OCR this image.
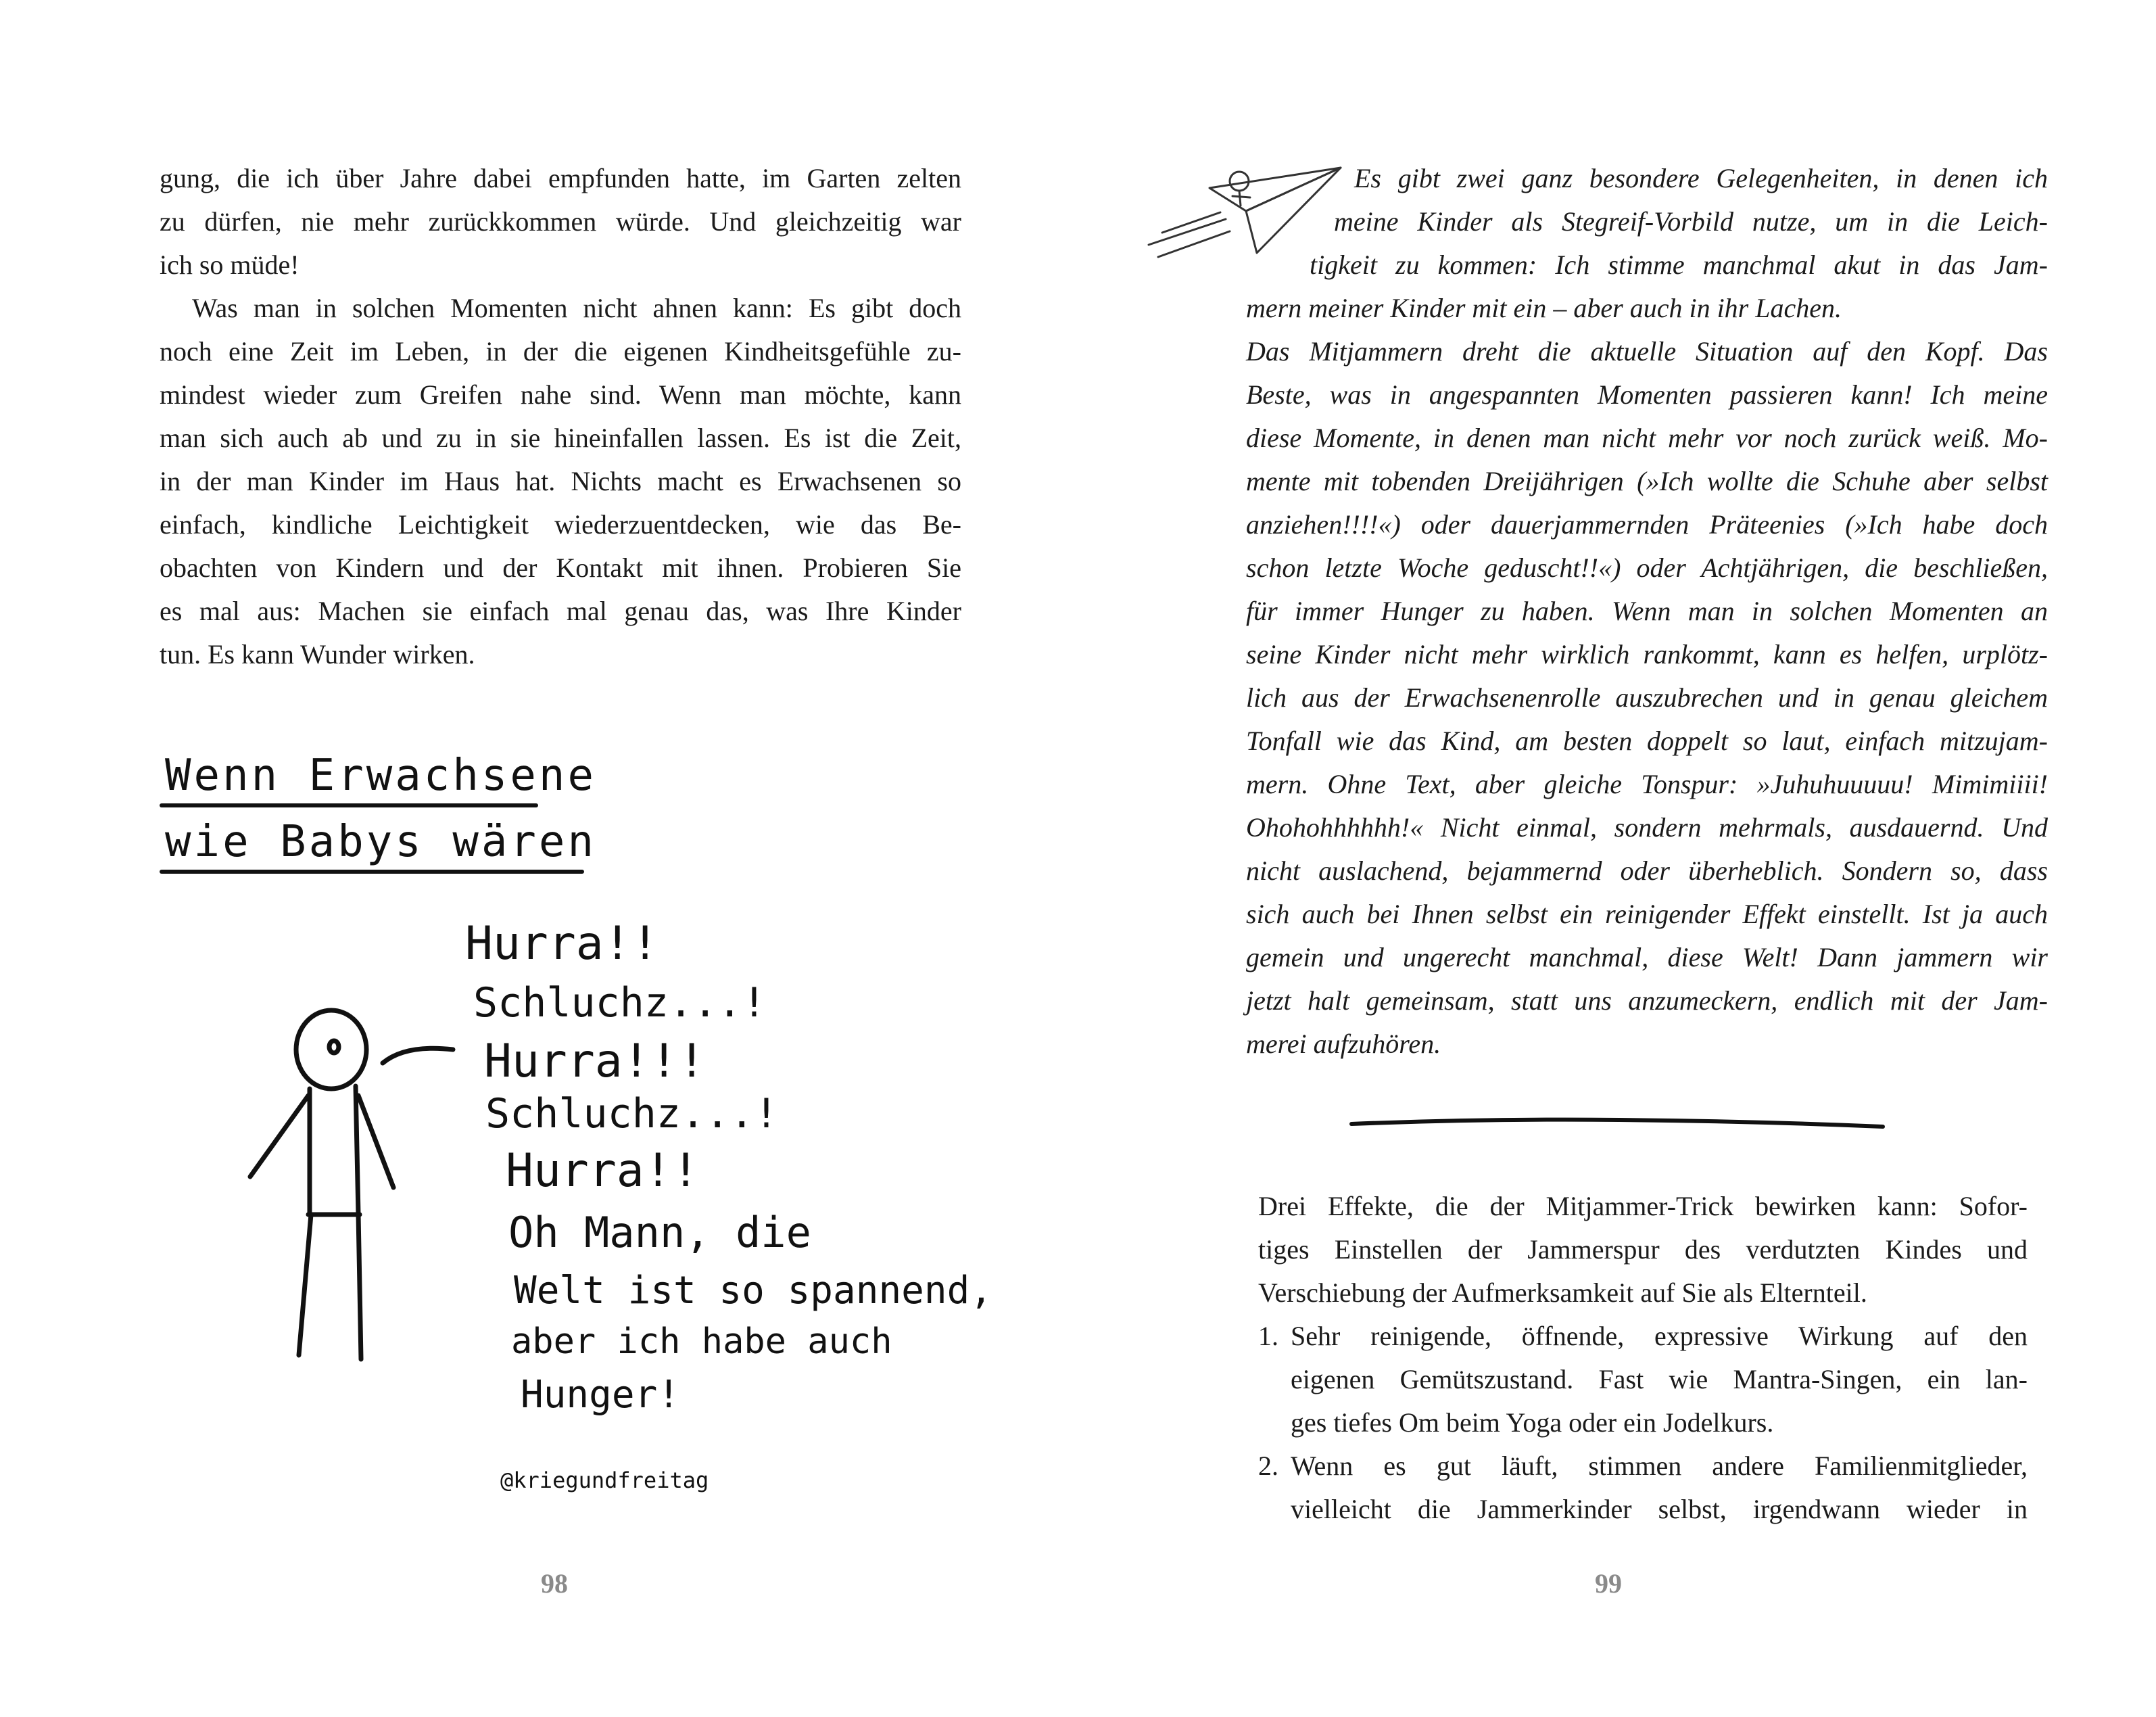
gung, die ich über Jahre dabei empfunden hatte, im Garten zelten
zu dürfen, nie mehr zurückkommen würde. Und gleichzeitig war
ich so müde!
Was man in solchen Momenten nicht ahnen kann: Es gibt doch
noch eine Zeit im Leben, in der die eigenen Kindheitsgefühle zu-
mindest wieder zum Greifen nahe sind. Wenn man möchte, kann
man sich auch ab und zu in sie hineinfallen lassen. Es ist die Zeit,
in der man Kinder im Haus hat. Nichts macht es Erwachsenen so
einfach, kindliche Leichtigkeit wiederzuentdecken, wie das Be-
obachten von Kindern und der Kontakt mit ihnen. Probieren Sie
es mal aus: Machen sie einfach mal genau das, was Ihre Kinder
tun. Es kann Wunder wirken.
Wenn Erwachsene
wie Babys wären
Hurra!!
Schluchz...!
Hurra!!!
Schluchz...!
Hurra!!
Oh Mann, die
Welt ist so spannend,
aber ich habe auch
Hunger!
@kriegundfreitag
98
Es gibt zwei ganz besondere Gelegenheiten, in denen ich
meine Kinder als Stegreif-Vorbild nutze, um in die Leich-
tigkeit zu kommen: Ich stimme manchmal akut in das Jam-
mern meiner Kinder mit ein – aber auch in ihr Lachen.
Das Mitjammern dreht die aktuelle Situation auf den Kopf. Das
Beste, was in angespannten Momenten passieren kann! Ich meine
diese Momente, in denen man nicht mehr vor noch zurück weiß. Mo-
mente mit tobenden Dreijährigen (»Ich wollte die Schuhe aber selbst
anziehen!!!!«) oder dauerjammernden Präteenies (»Ich habe doch
schon letzte Woche geduscht!!«) oder Achtjährigen, die beschließen,
für immer Hunger zu haben. Wenn man in solchen Momenten an
seine Kinder nicht mehr wirklich rankommt, kann es helfen, urplötz-
lich aus der Erwachsenenrolle auszubrechen und in genau gleichem
Tonfall wie das Kind, am besten doppelt so laut, einfach mitzujam-
mern. Ohne Text, aber gleiche Tonspur: »Juhuhuuuuu! Mimimiiii!
Ohohohhhhhh!« Nicht einmal, sondern mehrmals, ausdauernd. Und
nicht auslachend, bejammernd oder überheblich. Sondern so, dass
sich auch bei Ihnen selbst ein reinigender Effekt einstellt. Ist ja auch
gemein und ungerecht manchmal, diese Welt! Dann jammern wir
jetzt halt gemeinsam, statt uns anzumeckern, endlich mit der Jam-
merei aufzuhören.
Drei Effekte, die der Mitjammer-Trick bewirken kann: Sofor-
tiges Einstellen der Jammerspur des verdutzten Kindes und
Verschiebung der Aufmerksamkeit auf Sie als Elternteil.
1. Sehr reinigende, öffnende, expressive Wirkung auf den
eigenen Gemütszustand. Fast wie Mantra-Singen, ein lan-
ges tiefes Om beim Yoga oder ein Jodelkurs.
2. Wenn es gut läuft, stimmen andere Familienmitglieder,
vielleicht die Jammerkinder selbst, irgendwann wieder in
99
